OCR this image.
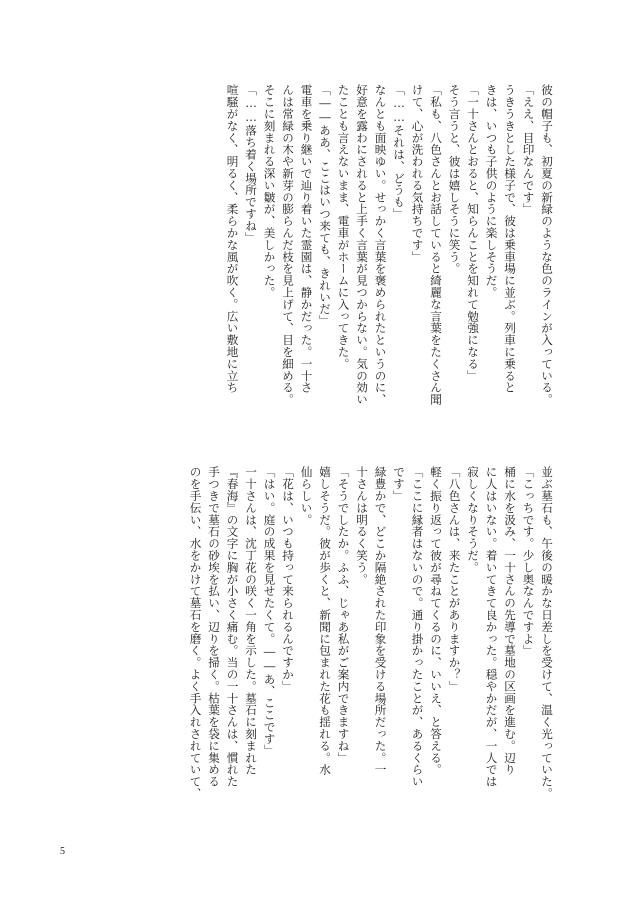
彼の帽子も、初夏の新緑のような色のラインが入っている。
「ええ、目印なんです」
うきうきとした様子で、彼は乗車場に並ぶ。列車に乗ると
きは、いつも子供のように楽しそうだ。
「一十さんとおると、知らんことを知れて勉強になる」
そう言うと、彼は嬉しそうに笑う。
「私も、八色さんとお話していると綺麗な言葉をたくさん聞
けて、心が洗われる気持ちです」
「……それは、どうも」
なんとも面映ゆい。せっかく言葉を褒められたというのに、
好意を露わにされると上手く言葉が見つからない。気の効い
たことも言えないまま、電車がホームに入ってきた。
「――ああ、ここはいつ来ても、きれいだ」
電車を乗り継いで辿り着いた霊園は、静かだった。一十さ
んは常緑の木や新芽の膨らんだ枝を見上げて、目を細める。
そこに刻まれる深い皺が、美しかった。
「……落ち着く場所ですね」
喧騒がなく、明るく、柔らかな風が吹く。広い敷地に立ち
並ぶ墓石も、午後の暖かな日差しを受けて、温く光っていた。
「こっちです。少し奥なんですよ」
桶に水を汲み、一十さんの先導で墓地の区画を進む。辺り
に人はいない。着いてきて良かった。穏やかだが、一人では
寂しくなりそうだ。
「八色さんは、来たことがありますか？」
軽く振り返って彼が尋ねてくるのに、いいえ、と答える。
「ここに縁者はないので。通り掛かったことが、あるくらい
です」
緑豊かで、どこか隔絶された印象を受ける場所だった。一
十さんは明るく笑う。
「そうでしたか。ふふ、じゃあ私がご案内できますね」
嬉しそうだ。彼が歩くと、新聞に包まれた花も揺れる。水
仙らしい。
「花は、いつも持って来られるんですか」
「はい。庭の成果を見せたくて。――あ、ここです」
一十さんは、沈丁花の咲く一角を示した。墓石に刻まれた
『春海』の文字に胸が小さく痛む。当の一十さんは、慣れた
手つきで墓石の砂埃を払い、辺りを掃く。枯葉を袋に集める
のを手伝い、水をかけて墓石を磨く。よく手入れされていて、
5
